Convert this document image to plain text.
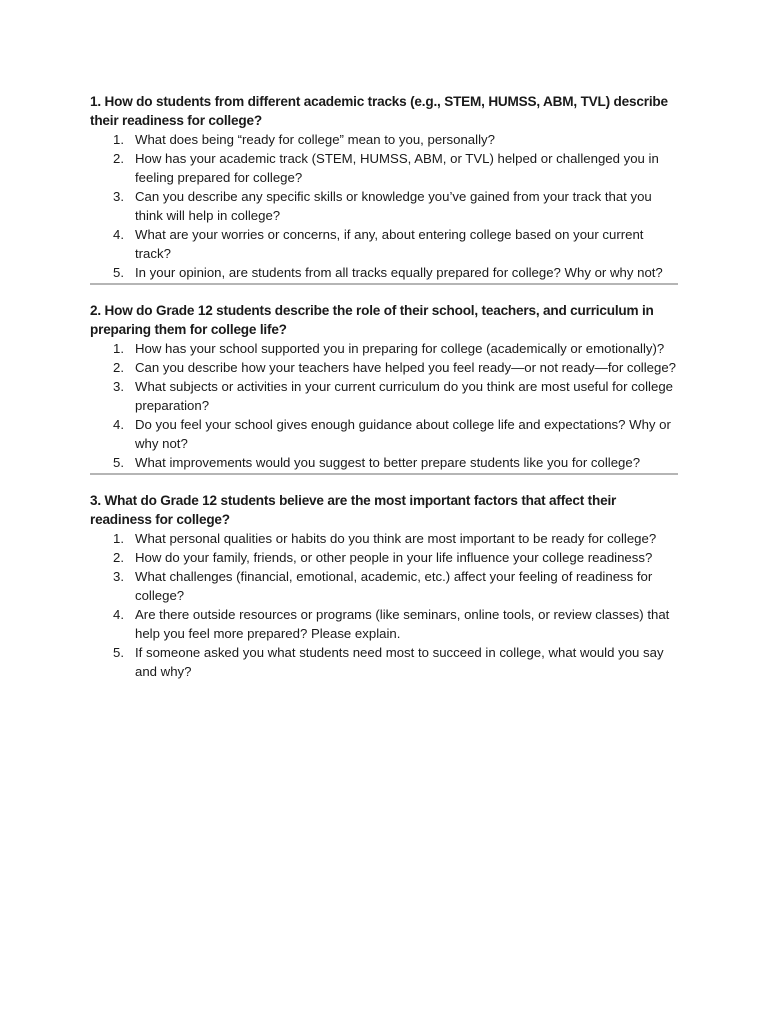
1. How do students from different academic tracks (e.g., STEM, HUMSS, ABM, TVL) describe their readiness for college?

1. What does being “ready for college” mean to you, personally?
2. How has your academic track (STEM, HUMSS, ABM, or TVL) helped or challenged you in feeling prepared for college?
3. Can you describe any specific skills or knowledge you’ve gained from your track that you think will help in college?
4. What are your worries or concerns, if any, about entering college based on your current track?
5. In your opinion, are students from all tracks equally prepared for college? Why or why not?

2. How do Grade 12 students describe the role of their school, teachers, and curriculum in preparing them for college life?

1. How has your school supported you in preparing for college (academically or emotionally)?
2. Can you describe how your teachers have helped you feel ready—or not ready—for college?
3. What subjects or activities in your current curriculum do you think are most useful for college preparation?
4. Do you feel your school gives enough guidance about college life and expectations? Why or why not?
5. What improvements would you suggest to better prepare students like you for college?

3. What do Grade 12 students believe are the most important factors that affect their readiness for college?

1. What personal qualities or habits do you think are most important to be ready for college?
2. How do your family, friends, or other people in your life influence your college readiness?
3. What challenges (financial, emotional, academic, etc.) affect your feeling of readiness for college?
4. Are there outside resources or programs (like seminars, online tools, or review classes) that help you feel more prepared? Please explain.
5. If someone asked you what students need most to succeed in college, what would you say and why?
